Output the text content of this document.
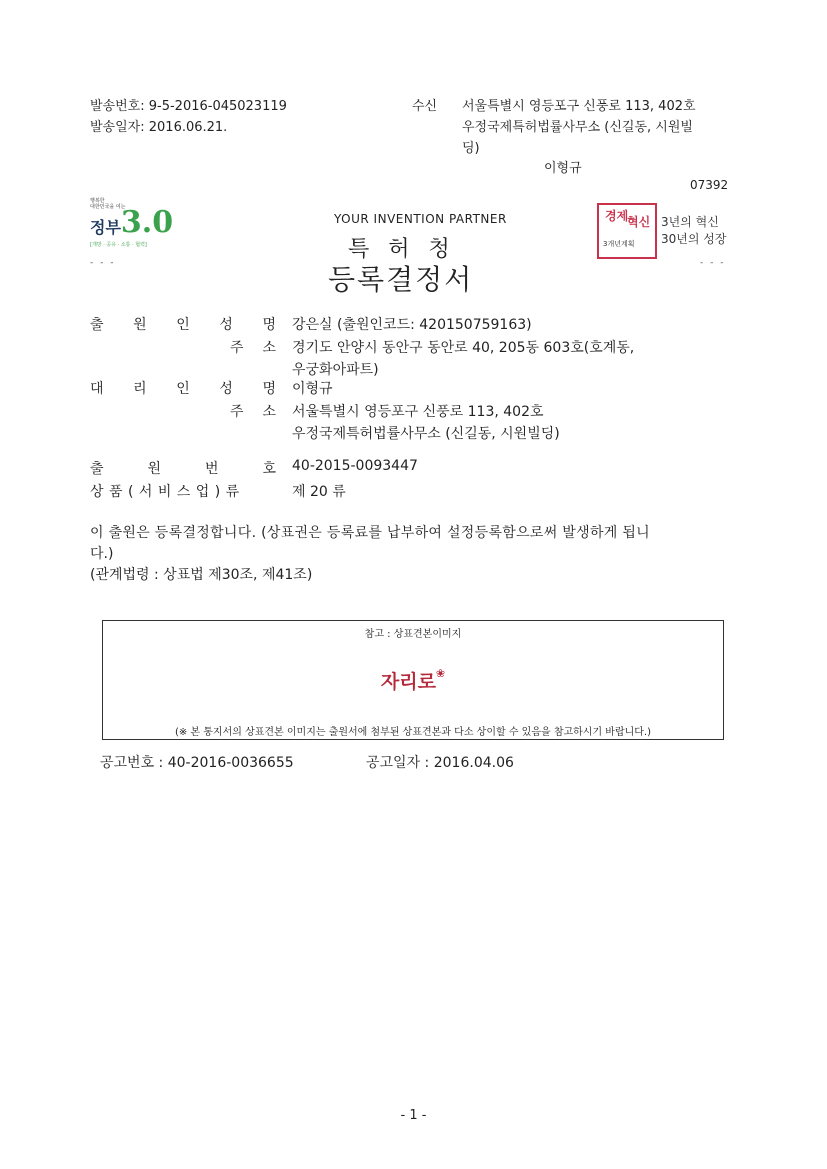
발송번호: 9-5-2016-045023119
발송일자: 2016.06.21.
수신 서울특별시 영등포구 신풍로 113, 402호
우정국제특허법률사무소 (신길동, 시원빌
딩)
이형규
07392
행복한
대한민국을 여는
정부 3.0
[개방 · 공유 · 소통 · 협력]
- - -
YOUR INVENTION PARTNER
특 허 청
등록결정서
경제
혁신
3개년계획
3년의 혁신
30년의 성장
- - -
출 원 인 성 명 강은실 (출원인코드: 420150759163)
주 소 경기도 안양시 동안구 동안로 40, 205동 603호(호계동,
우궁화아파트)
대 리 인 성 명 이형규
주 소 서울특별시 영등포구 신풍로 113, 402호
우정국제특허법률사무소 (신길동, 시원빌딩)
출	원	번	호 40-2015-0093447
상 품 ( 서 비 스 업 ) 류	제 20 류
이 출원은 등록결정합니다. (상표권은 등록료를 납부하여 설정등록함으로써 발생하게 됩니
다.)
(관계법령 : 상표법 제30조, 제41조)
참고 : 상표견본이미지
자리로❀
(※ 본 통지서의 상표견본 이미지는 출원서에 첨부된 상표견본과 다소 상이할 수 있음을 참고하시기 바랍니다.)
공고번호 : 40-2016-0036655	공고일자 : 2016.04.06
- 1 -
